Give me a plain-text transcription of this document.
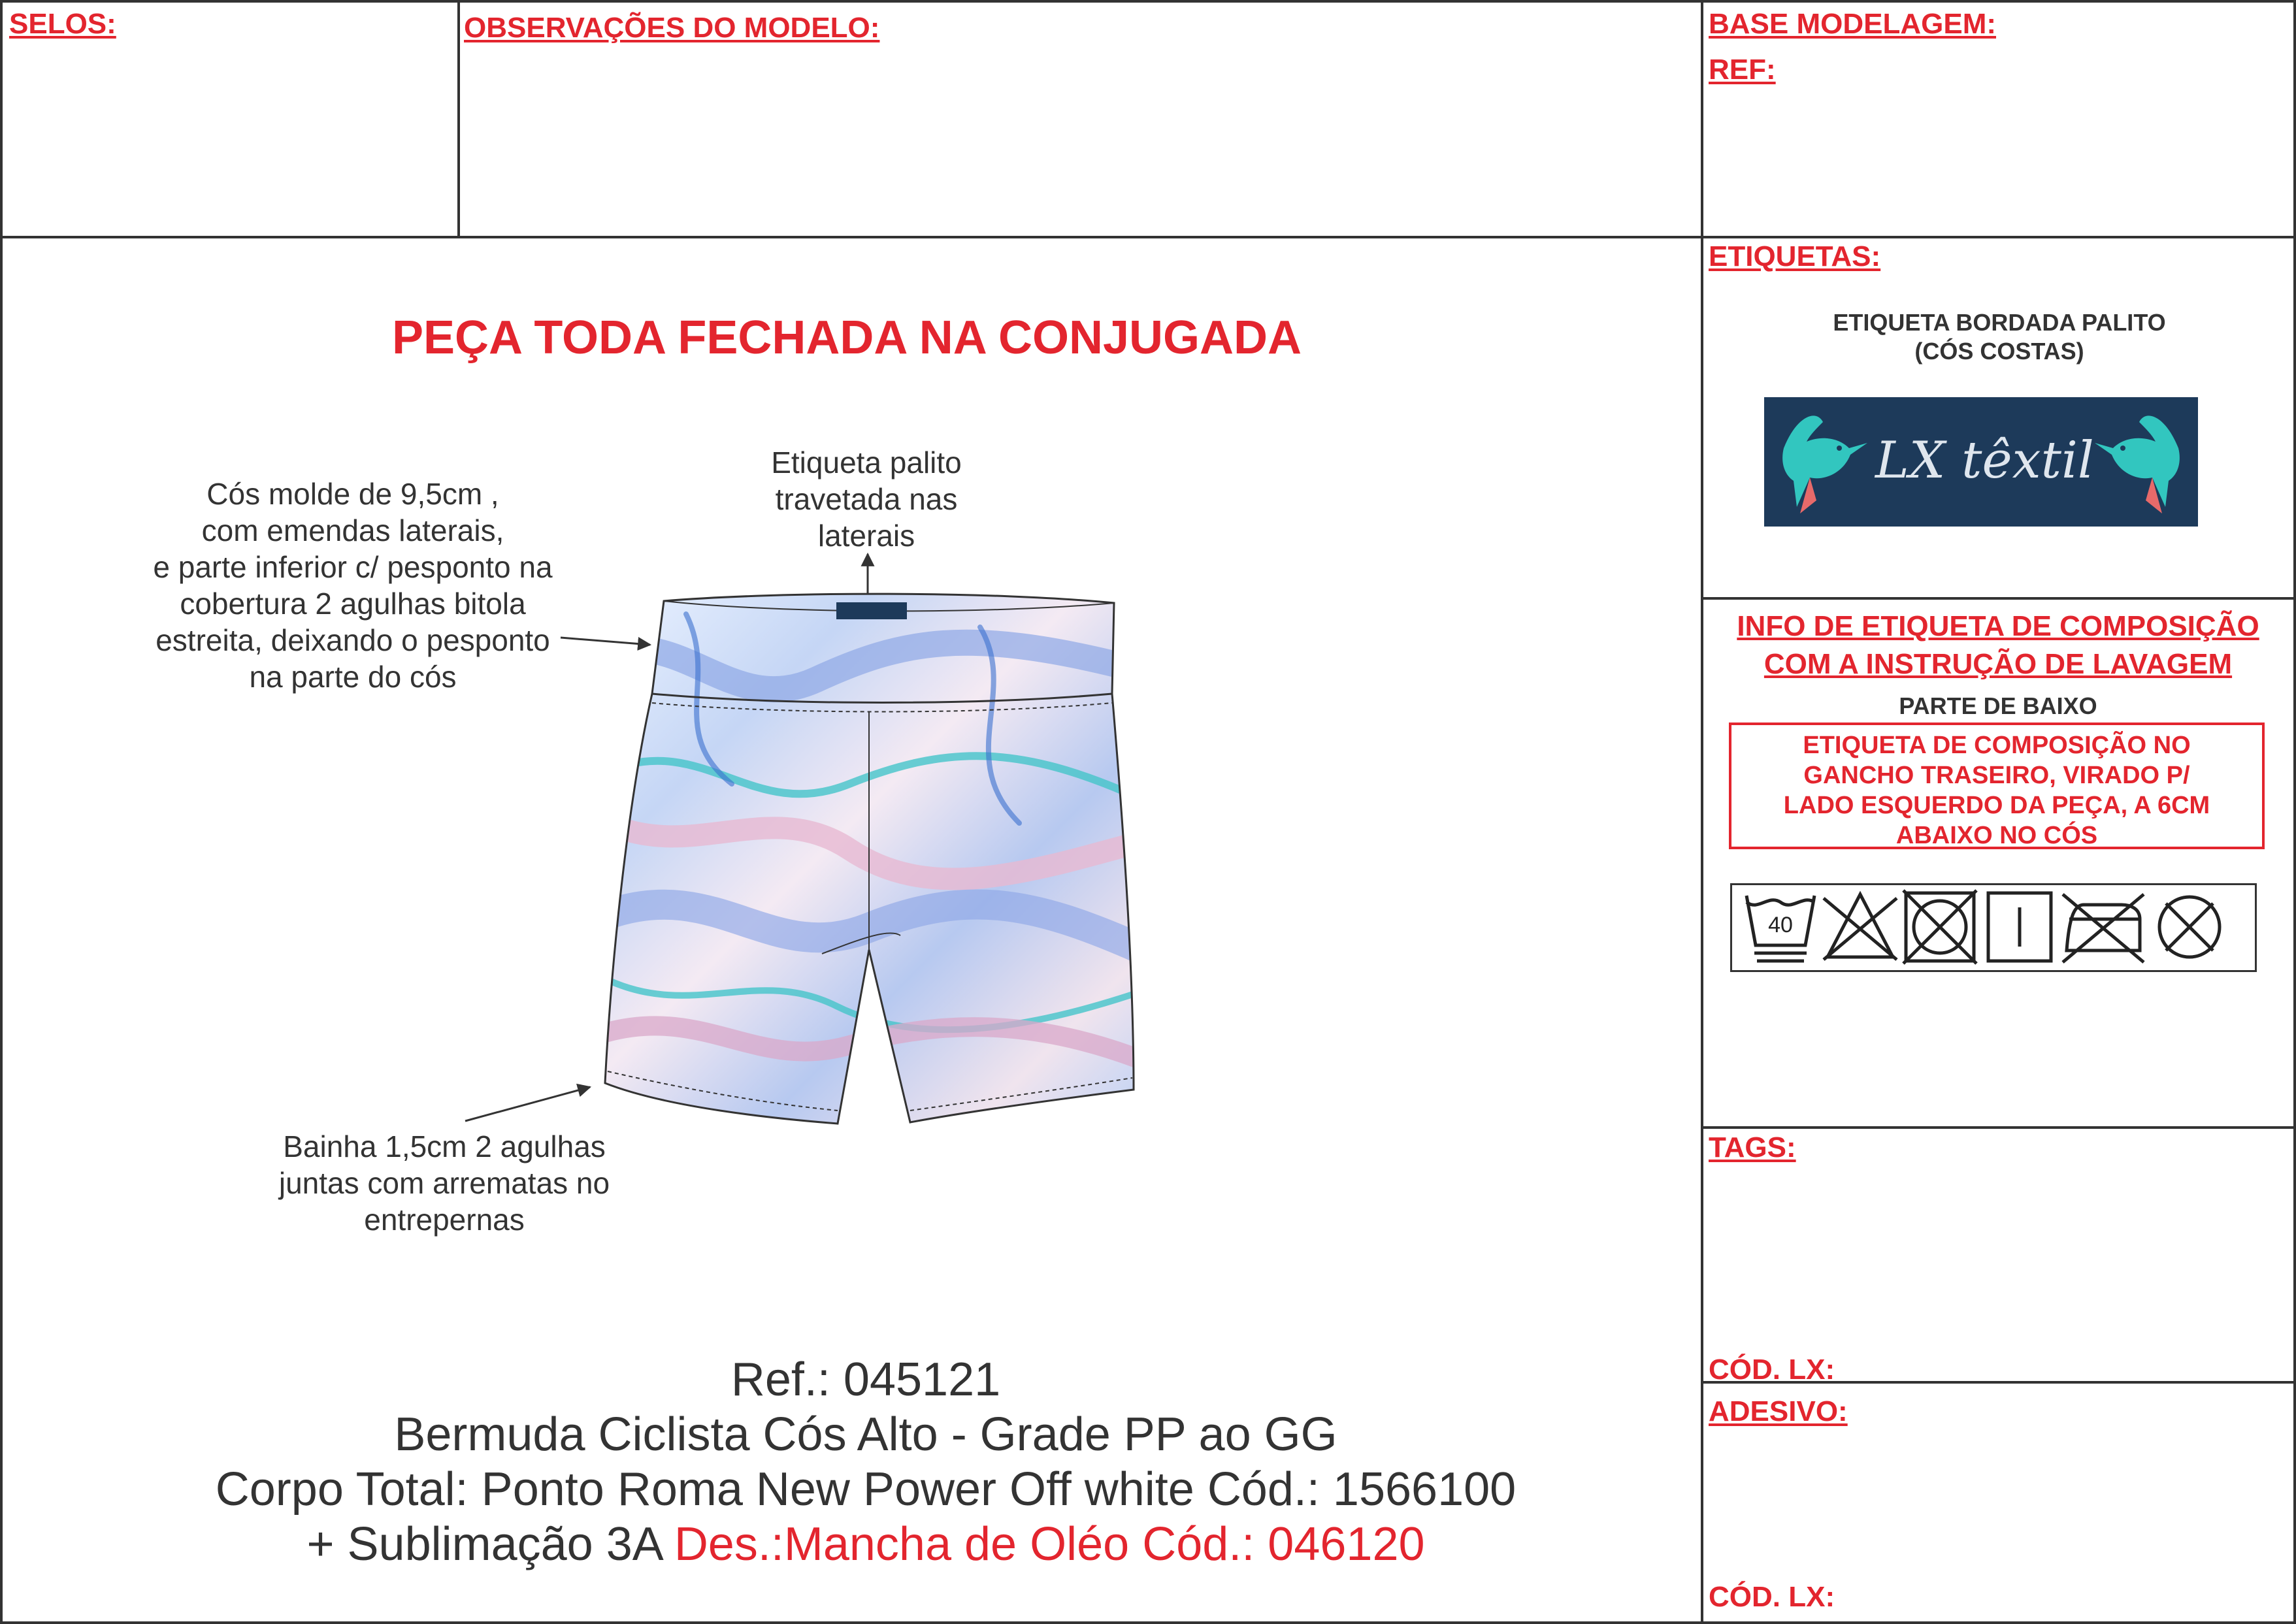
SELOS:	OBSERVAÇÕES DO MODELO:	BASE MODELAGEM:
REF:
ETIQUETAS:
TAGS:
CÓD. LX:
ADESIVO:
CÓD. LX:
PEÇA TODA FECHADA NA CONJUGADA
Cós molde de 9,5cm ,
com emendas laterais,
e parte inferior c/ pesponto na
cobertura 2 agulhas bitola
estreita, deixando o pesponto
na parte do cós
Etiqueta palito
travetada nas
laterais
Bainha 1,5cm 2 agulhas
juntas com arrematas no
entrepernas
Ref.: 045121
Bermuda Ciclista Cós Alto - Grade PP ao GG
Corpo Total: Ponto Roma New Power Off white Cód.: 1566100
+ Sublimação 3A Des.:Mancha de Oléo Cód.: 046120
ETIQUETA BORDADA PALITO
(CÓS COSTAS)
LX têxtil
INFO DE ETIQUETA DE COMPOSIÇÃO
COM A INSTRUÇÃO DE LAVAGEM
PARTE DE BAIXO
ETIQUETA DE COMPOSIÇÃO NO
GANCHO TRASEIRO, VIRADO P/
LADO ESQUERDO DA PEÇA, A 6CM
ABAIXO NO CÓS
40
